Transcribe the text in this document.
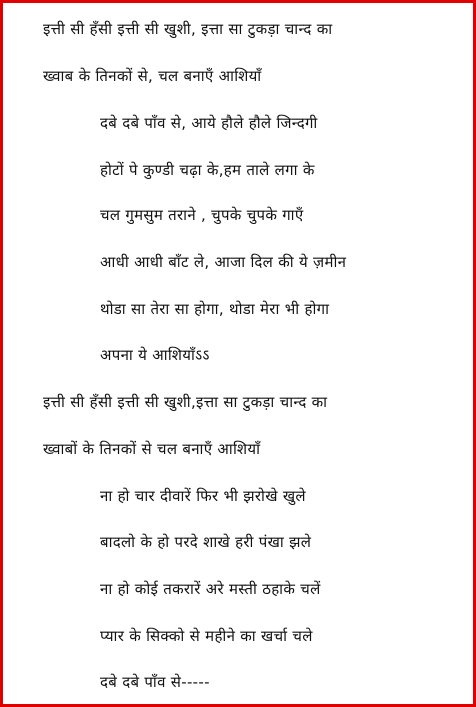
इत्ती सी हँसी इत्ती सी खुशी, इत्ता सा टुकड़ा चान्द का
ख्वाब के तिनकों से, चल बनाएँ आशियाँ
दबे दबे पाँव से, आये हौले हौले जिन्दगी
होटों पे कुण्डी चढ़ा के,हम ताले लगा के
चल गुमसुम तराने , चुपके चुपके गाएँ
आधी आधी बाँट ले, आजा दिल की ये ज़मीन
थोडा सा तेरा सा होगा, थोडा मेरा भी होगा
अपना ये आशियाँऽऽ
इत्ती सी हँसी इत्ती सी खुशी,इत्ता सा टुकड़ा चान्द का
ख्वाबों के तिनकों से चल बनाएँ आशियाँ
ना हो चार दीवारें फिर भी झरोखे खुले
बादलो के हो परदे शाखे हरी पंखा झले
ना हो कोई तकरारें अरे मस्ती ठहाके चलें
प्यार के सिक्को से महीने का खर्चा चले
दबे दबे पाँव से-----
